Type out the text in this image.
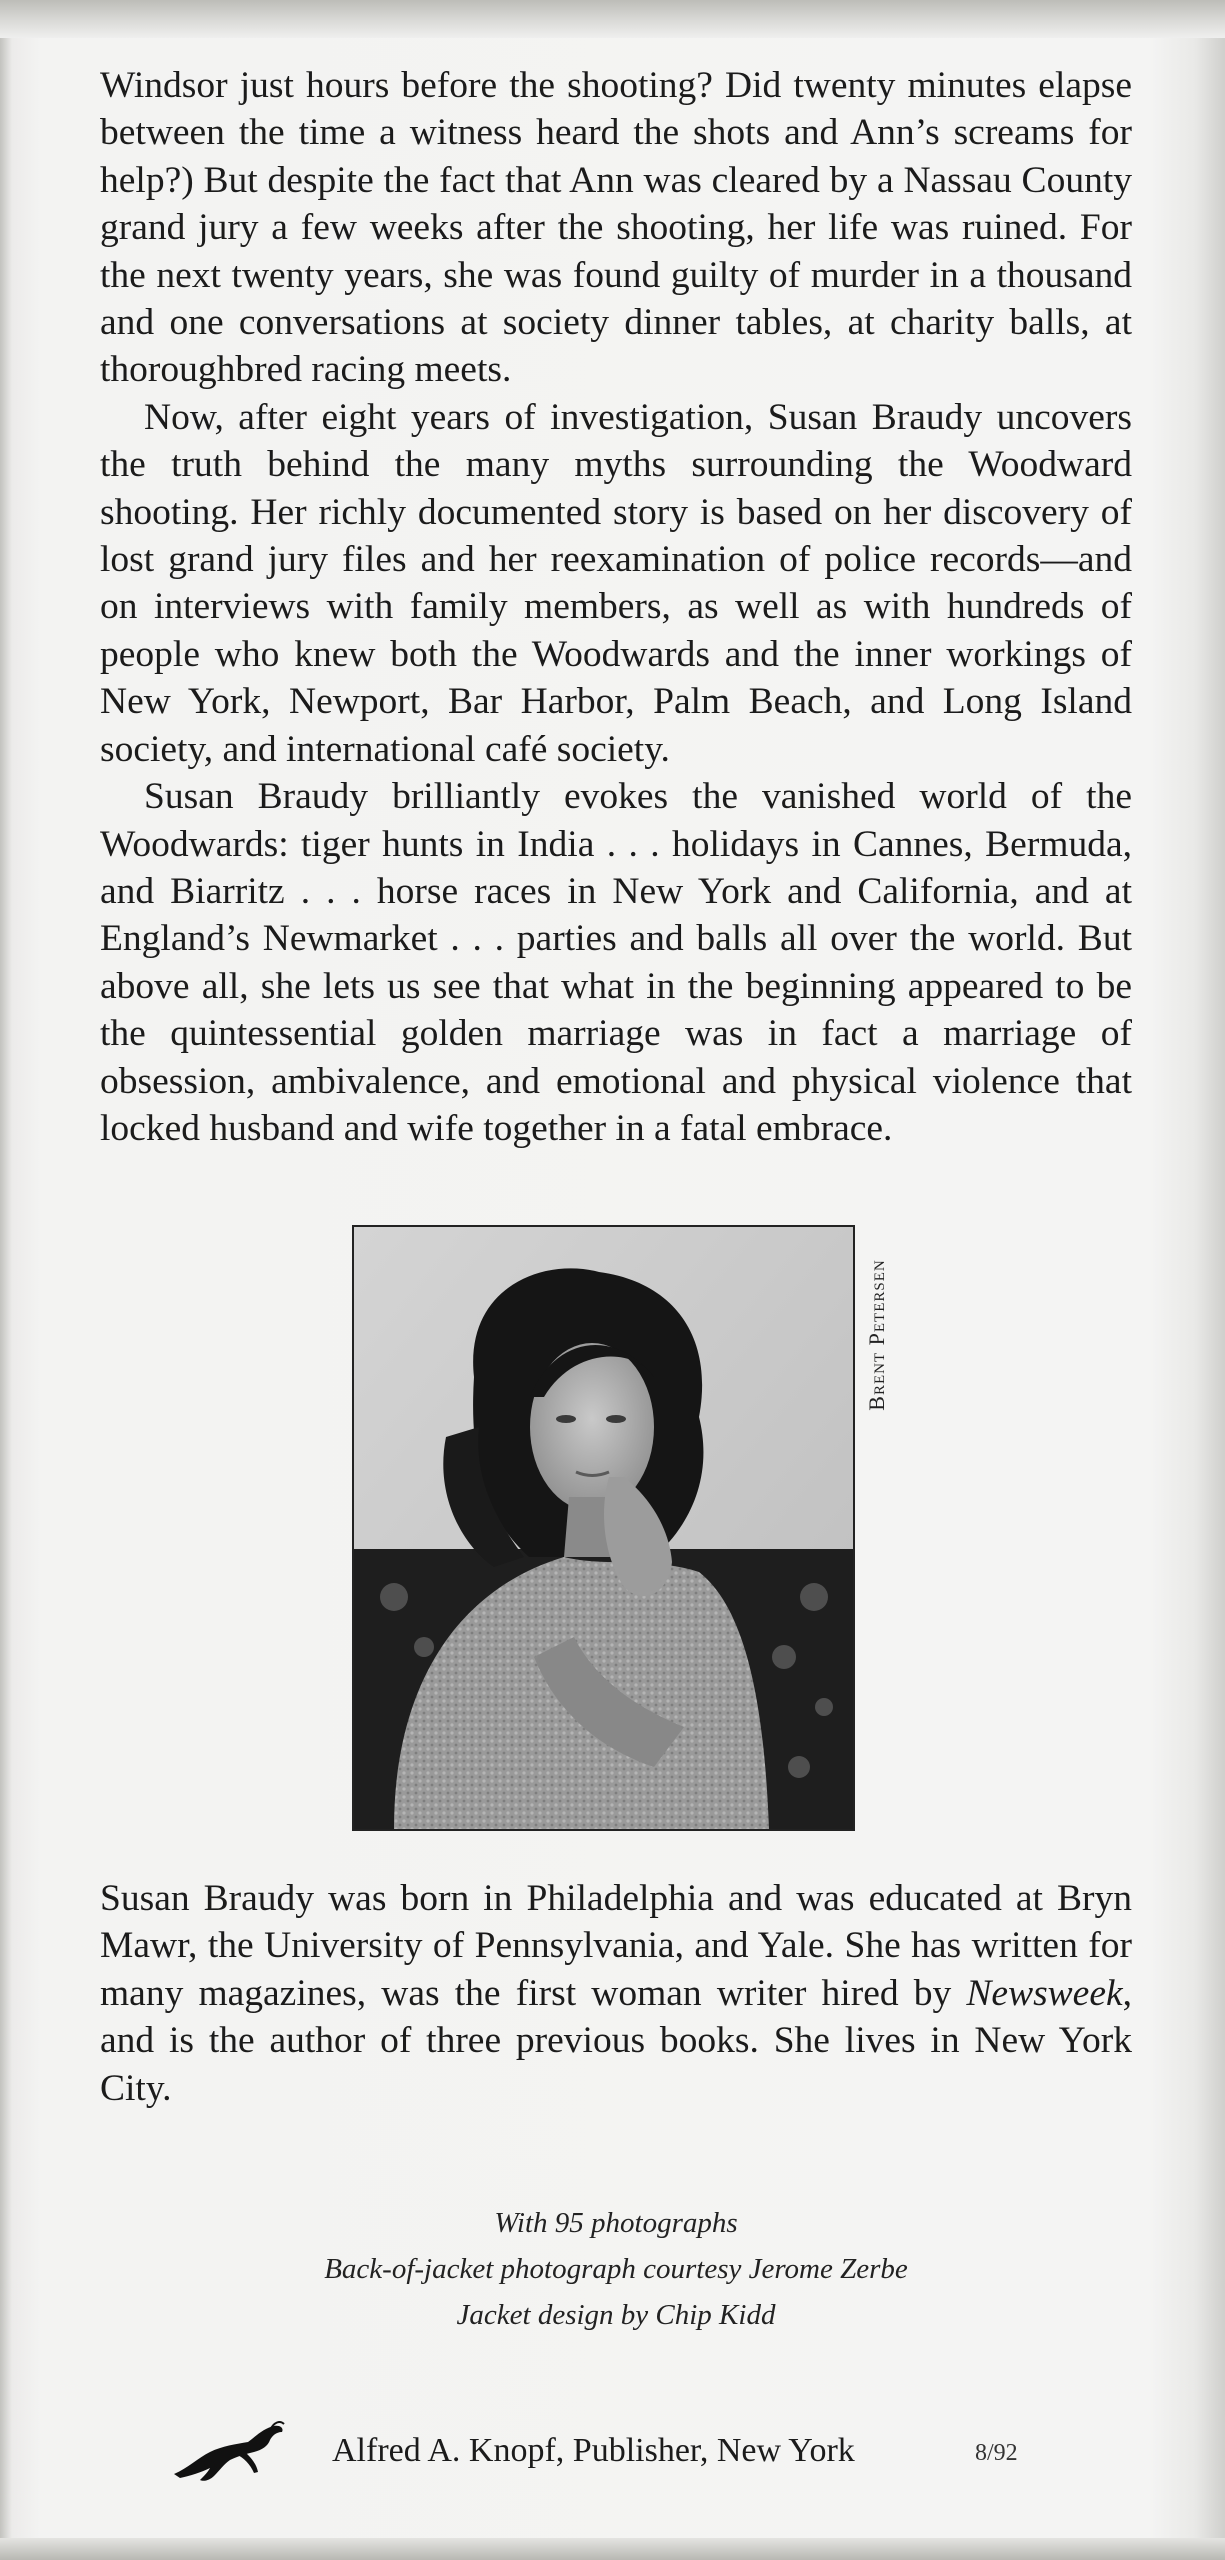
Windsor just hours before the shooting? Did twenty minutes elapse between the time a witness heard the shots and Ann’s screams for help?) But despite the fact that Ann was cleared by a Nassau County grand jury a few weeks after the shooting, her life was ruined. For the next twenty years, she was found guilty of murder in a thousand and one conversations at society dinner tables, at charity balls, at thoroughbred racing meets.

Now, after eight years of investigation, Susan Braudy uncovers the truth behind the many myths surrounding the Woodward shooting. Her richly documented story is based on her discovery of lost grand jury files and her reexamination of police records—and on interviews with family members, as well as with hundreds of people who knew both the Woodwards and the inner workings of New York, Newport, Bar Harbor, Palm Beach, and Long Island society, and international café society.

Susan Braudy brilliantly evokes the vanished world of the Woodwards: tiger hunts in India . . . holidays in Cannes, Bermuda, and Biarritz . . . horse races in New York and California, and at England’s Newmarket . . . parties and balls all over the world. But above all, she lets us see that what in the beginning appeared to be the quintessential golden marriage was in fact a marriage of obsession, ambivalence, and emotional and physical violence that locked husband and wife together in a fatal embrace.

Brent Petersen

Susan Braudy was born in Philadelphia and was educated at Bryn Mawr, the University of Pennsylvania, and Yale. She has written for many magazines, was the first woman writer hired by Newsweek, and is the author of three previous books. She lives in New York City.

With 95 photographs
Back-of-jacket photograph courtesy Jerome Zerbe
Jacket design by Chip Kidd
Alfred A. Knopf, Publisher, New York	8/92
